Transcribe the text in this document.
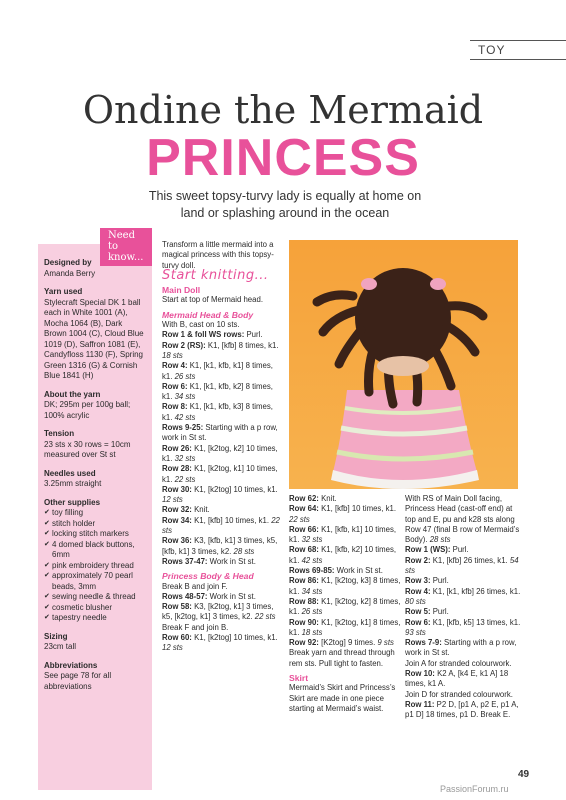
TOY
Ondine the Mermaid
PRINCESS
This sweet topsy-turvy lady is equally at home on
land or splashing around in the ocean
Designed by
Amanda Berry
Yarn used
Stylecraft Special DK 1 ball each in White 1001 (A), Mocha 1064 (B), Dark Brown 1004 (C), Cloud Blue 1019 (D), Saffron 1081 (E), Candyfloss 1130 (F), Spring Green 1316 (G) & Cornish Blue 1841 (H)
About the yarn
DK; 295m per 100g ball; 100% acrylic
Tension
23 sts x 30 rows = 10cm measured over St st
Needles used
3.25mm straight
Other supplies
✔ toy filling
✔ stitch holder
✔ locking stitch markers
✔ 4 domed black buttons, 6mm
✔ pink embroidery thread
✔ approximately 70 pearl beads, 3mm
✔ sewing needle & thread
✔ cosmetic blusher
✔ tapestry needle
Sizing
23cm tall
Abbreviations
See page 78 for all abbreviations
Need to know...

Transform a little mermaid into a magical princess with this topsy-turvy doll.

Start knitting...

Main Doll

Start at top of Mermaid head.

Mermaid Head & Body

With B, cast on 10 sts.

Row 1 & foll WS rows: Purl.

Row 2 (RS): K1, [kfb] 8 times, k1. 18 sts

Row 4: K1, [k1, kfb, k1] 8 times, k1. 26 sts

Row 6: K1, [k1, kfb, k2] 8 times, k1. 34 sts

Row 8: K1, [k1, kfb, k3] 8 times, k1. 42 sts

Rows 9-25: Starting with a p row, work in St st.

Row 26: K1, [k2tog, k2] 10 times, k1. 32 sts

Row 28: K1, [k2tog, k1] 10 times, k1. 22 sts

Row 30: K1, [k2tog] 10 times, k1. 12 sts

Row 32: Knit.

Row 34: K1, [kfb] 10 times, k1. 22 sts

Row 36: K3, [kfb, k1] 3 times, k5, [kfb, k1] 3 times, k2. 28 sts

Rows 37-47: Work in St st.

Princess Body & Head

Break B and join F.

Rows 48-57: Work in St st.

Row 58: K3, [k2tog, k1] 3 times, k5, [k2tog, k1] 3 times, k2. 22 sts

Break F and join B.

Row 60: K1, [k2tog] 10 times, k1. 12 sts

Row 62: Knit.

Row 64: K1, [kfb] 10 times, k1. 22 sts

Row 66: K1, [kfb, k1] 10 times, k1. 32 sts

Row 68: K1, [kfb, k2] 10 times, k1. 42 sts

Rows 69-85: Work in St st.

Row 86: K1, [k2tog, k3] 8 times, k1. 34 sts

Row 88: K1, [k2tog, k2] 8 times, k1. 26 sts

Row 90: K1, [k2tog, k1] 8 times, k1. 18 sts

Row 92: [K2tog] 9 times. 9 sts

Break yarn and thread through rem sts. Pull tight to fasten.

Skirt

Mermaid’s Skirt and Princess’s Skirt are made in one piece starting at Mermaid’s waist.

With RS of Main Doll facing, Princess Head (cast-off end) at top and E, pu and k28 sts along Row 47 (final B row of Mermaid’s Body). 28 sts

Row 1 (WS): Purl.

Row 2: K1, [kfb] 26 times, k1. 54 sts

Row 3: Purl.

Row 4: K1, [k1, kfb] 26 times, k1. 80 sts

Row 5: Purl.

Row 6: K1, [kfb, k5] 13 times, k1. 93 sts

Rows 7-9: Starting with a p row, work in St st.

Join A for stranded colourwork.

Row 10: K2 A, [k4 E, k1 A] 18 times, k1 A.

Join D for stranded colourwork.

Row 11: P2 D, [p1 A, p2 E, p1 A, p1 D] 18 times, p1 D. Break E.

49
PassionForum.ru
